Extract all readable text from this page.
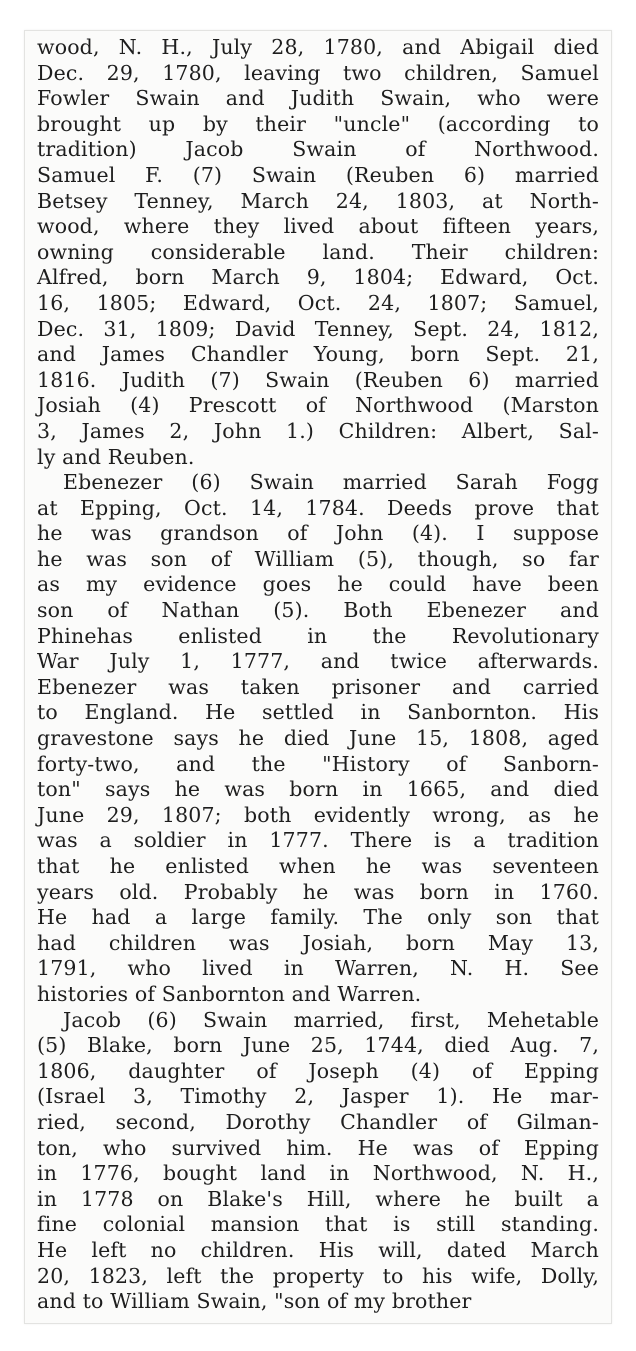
wood, N. H., July 28, 1780, and Abigail died
Dec. 29, 1780, leaving two children, Samuel
Fowler Swain and Judith Swain, who were
brought up by their "uncle" (according to
tradition) Jacob Swain of Northwood.
Samuel F. (7) Swain (Reuben 6) married
Betsey Tenney, March 24, 1803, at North-
wood, where they lived about fifteen years,
owning considerable land. Their children:
Alfred, born March 9, 1804; Edward, Oct.
16, 1805; Edward, Oct. 24, 1807; Samuel,
Dec. 31, 1809; David Tenney, Sept. 24, 1812,
and James Chandler Young, born Sept. 21,
1816. Judith (7) Swain (Reuben 6) married
Josiah (4) Prescott of Northwood (Marston
3, James 2, John 1.) Children: Albert, Sal-
ly and Reuben.

Ebenezer (6) Swain married Sarah Fogg
at Epping, Oct. 14, 1784. Deeds prove that
he was grandson of John (4). I suppose
he was son of William (5), though, so far
as my evidence goes he could have been
son of Nathan (5). Both Ebenezer and
Phinehas enlisted in the Revolutionary
War July 1, 1777, and twice afterwards.
Ebenezer was taken prisoner and carried
to England. He settled in Sanbornton. His
gravestone says he died June 15, 1808, aged
forty-two, and the "History of Sanborn-
ton" says he was born in 1665, and died
June 29, 1807; both evidently wrong, as he
was a soldier in 1777. There is a tradition
that he enlisted when he was seventeen
years old. Probably he was born in 1760.
He had a large family. The only son that
had children was Josiah, born May 13,
1791, who lived in Warren, N. H. See
histories of Sanbornton and Warren.

Jacob (6) Swain married, first, Mehetable
(5) Blake, born June 25, 1744, died Aug. 7,
1806, daughter of Joseph (4) of Epping
(Israel 3, Timothy 2, Jasper 1). He mar-
ried, second, Dorothy Chandler of Gilman-
ton, who survived him. He was of Epping
in 1776, bought land in Northwood, N. H.,
in 1778 on Blake's Hill, where he built a
fine colonial mansion that is still standing.
He left no children. His will, dated March
20, 1823, left the property to his wife, Dolly,
and to William Swain, "son of my brother
